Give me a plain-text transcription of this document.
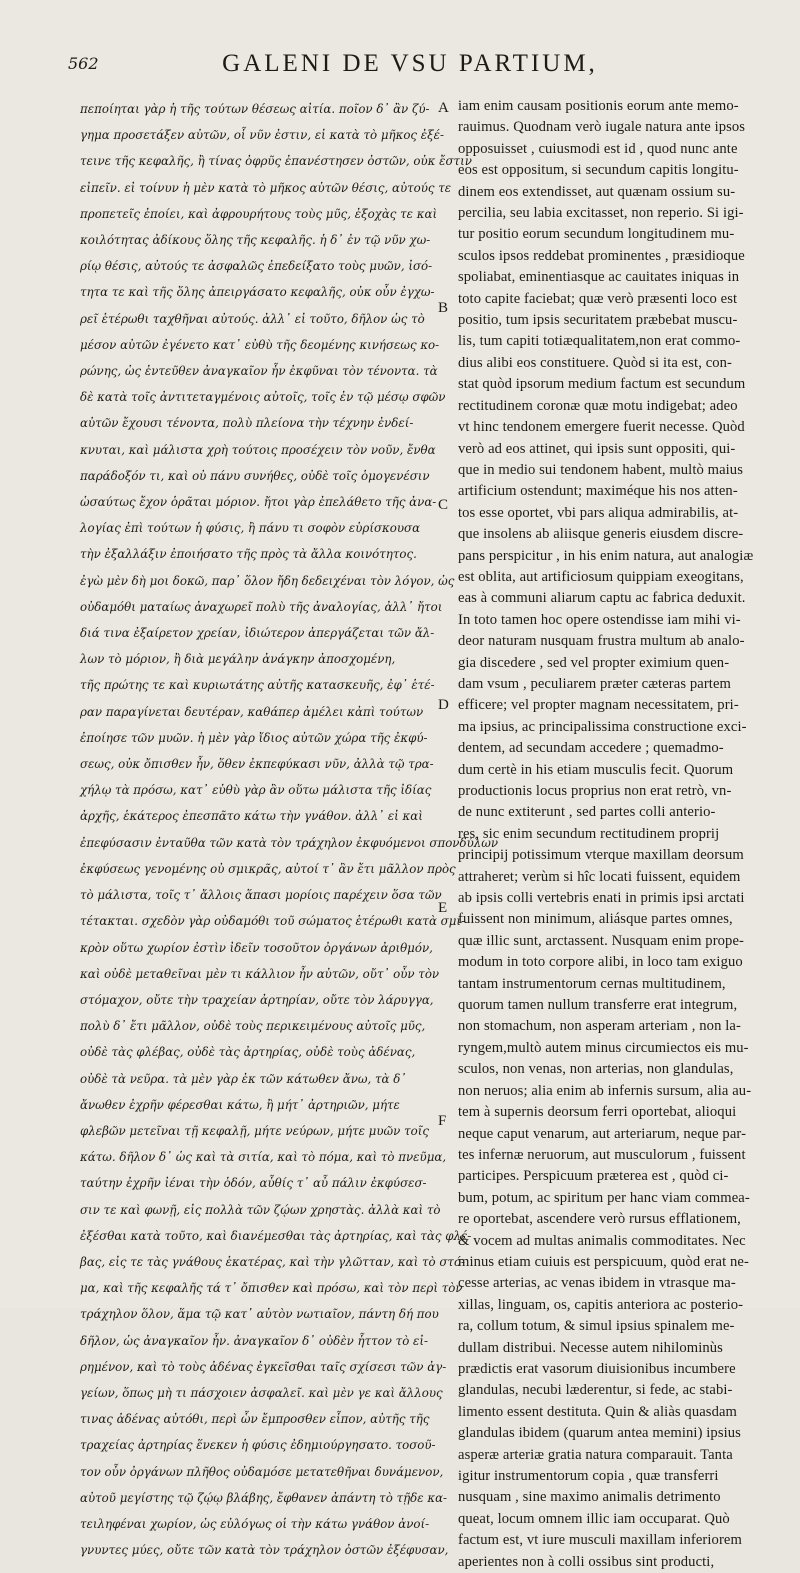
562	GALENI DE VSU PARTIUM,
πεποίηται γὰρ ἡ τῆς τούτων θέσεως αἰτία. ποῖον δ᾽ ἂν ζύ-
γημα προσετάξεν αὐτῶν, οἷ νῦν ἐστιν, εἰ κατὰ τὸ μῆκος ἐξέ-
τεινε τῆς κεφαλῆς, ἢ τίνας ὀφρῦς ἐπανέστησεν ὀστῶν, οὐκ ἔστιν
εἰπεῖν. εἰ τοίνυν ἡ μὲν κατὰ τὸ μῆκος αὐτῶν θέσις, αὐτούς τε
προπετεῖς ἐποίει, καὶ ἀφρουρήτους τοὺς μῦς, ἐξοχὰς τε καὶ
κοιλότητας ἀδίκους ὅλης τῆς κεφαλῆς. ἡ δ᾽ ἐν τῷ νῦν χω-
ρίῳ θέσις, αὐτούς τε ἀσφαλῶς ἐπεδείξατο τοὺς μυῶν, ἰσό-
τητα τε καὶ τῆς ὅλης ἀπειργάσατο κεφαλῆς, οὐκ οὖν ἐγχω-
ρεῖ ἑτέρωθι ταχθῆναι αὐτούς. ἀλλ᾽ εἰ τοῦτο, δῆλον ὡς τὸ
μέσον αὐτῶν ἐγένετο κατ᾽ εὐθὺ τῆς δεομένης κινήσεως κο-
ρώνης, ὡς ἐντεῦθεν ἀναγκαῖον ἦν ἐκφῦναι τὸν τένοντα. τὰ
δὲ κατὰ τοῖς ἀντιτεταγμένοις αὐτοῖς, τοῖς ἐν τῷ μέσῳ σφῶν
αὐτῶν ἔχουσι τένοντα, πολὺ πλείονα τὴν τέχνην ἐνδεί-
κνυται, καὶ μάλιστα χρὴ τούτοις προσέχειν τὸν νοῦν, ἔνθα
παράδοξόν τι, καὶ οὐ πάνυ συνήθες, οὐδὲ τοῖς ὁμογενέσιν
ὡσαύτως ἔχον ὁρᾶται μόριον. ἤτοι γὰρ ἐπελάθετο τῆς ἀνα-
λογίας ἐπὶ τούτων ἡ φύσις, ἢ πάνυ τι σοφὸν εὑρίσκουσα
τὴν ἐξαλλάξιν ἐποιήσατο τῆς πρὸς τὰ ἄλλα κοινότητος.
ἐγὼ μὲν δὴ μοι δοκῶ, παρ᾽ ὅλον ἤδη δεδειχέναι τὸν λόγον, ὡς
οὐδαμόθι ματαίως ἀναχωρεῖ πολὺ τῆς ἀναλογίας, ἀλλ᾽ ἤτοι
διά τινα ἐξαίρετον χρείαν, ἰδιώτερον ἀπεργάζεται τῶν ἄλ-
λων τὸ μόριον, ἢ διὰ μεγάλην ἀνάγκην ἀποσχομένη,
τῆς πρώτης τε καὶ κυριωτάτης αὐτῆς κατασκευῆς, ἐφ᾽ ἑτέ-
ραν παραγίνεται δευτέραν, καθάπερ ἀμέλει κἀπὶ τούτων
ἐποίησε τῶν μυῶν. ἡ μὲν γὰρ ἴδιος αὐτῶν χώρα τῆς ἐκφύ-
σεως, οὐκ ὄπισθεν ἦν, ὅθεν ἐκπεφύκασι νῦν, ἀλλὰ τῷ τρα-
χήλῳ τὰ πρόσω, κατ᾽ εὐθὺ γὰρ ἂν οὕτω μάλιστα τῆς ἰδίας
ἀρχῆς, ἑκάτερος ἐπεσπᾶτο κάτω τὴν γνάθον. ἀλλ᾽ εἰ καὶ
ἐπεφύσασιν ἐνταῦθα τῶν κατὰ τὸν τράχηλον ἐκφυόμενοι σπονδύλων
ἐκφύσεως γενομένης οὐ σμικρᾶς, αὐτοί τ᾽ ἂν ἔτι μᾶλλον πρὸς
τὸ μάλιστα, τοῖς τ᾽ ἄλλοις ἅπασι μορίοις παρέχειν ὅσα τῶν
τέτακται. σχεδὸν γὰρ οὐδαμόθι τοῦ σώματος ἑτέρωθι κατὰ σμι-
κρὸν οὕτω χωρίον ἐστὶν ἰδεῖν τοσοῦτον ὀργάνων ἀριθμόν,
καὶ οὐδὲ μεταθεῖναι μὲν τι κάλλιον ἦν αὐτῶν, οὔτ᾽ οὖν τὸν
στόμαχον, οὔτε τὴν τραχείαν ἀρτηρίαν, οὔτε τὸν λάρυγγα,
πολὺ δ᾽ ἔτι μᾶλλον, οὐδὲ τοὺς περικειμένους αὐτοῖς μῦς,
οὐδὲ τὰς φλέβας, οὐδὲ τὰς ἀρτηρίας, οὐδὲ τοὺς ἀδένας,
οὐδὲ τὰ νεῦρα. τὰ μὲν γὰρ ἐκ τῶν κάτωθεν ἄνω, τὰ δ᾽
ἄνωθεν ἐχρῆν φέρεσθαι κάτω, ἢ μήτ᾽ ἀρτηριῶν, μήτε
φλεβῶν μετεῖναι τῇ κεφαλῇ, μήτε νεύρων, μήτε μυῶν τοῖς
κάτω. δῆλον δ᾽ ὡς καὶ τὰ σιτία, καὶ τὸ πόμα, καὶ τὸ πνεῦμα,
ταύτην ἐχρῆν ἰέναι τὴν ὁδόν, αὖθίς τ᾽ αὖ πάλιν ἐκφύσεσ-
σιν τε καὶ φωνῇ, εἰς πολλὰ τῶν ζῴων χρηστὰς. ἀλλὰ καὶ τὸ
ἐξέσθαι κατὰ τοῦτο, καὶ διανέμεσθαι τὰς ἀρτηρίας, καὶ τὰς φλέ-
βας, εἰς τε τὰς γνάθους ἑκατέρας, καὶ τὴν γλῶτταν, καὶ τὸ στό-
μα, καὶ τῆς κεφαλῆς τά τ᾽ ὄπισθεν καὶ πρόσω, καὶ τὸν περὶ τὸν
τράχηλον ὅλον, ἅμα τῷ κατ᾽ αὐτὸν νωτιαῖον, πάντη δή που
δῆλον, ὡς ἀναγκαῖον ἦν. ἀναγκαῖον δ᾽ οὐδὲν ἧττον τὸ εἰ-
ρημένον, καὶ τὸ τοὺς ἀδένας ἐγκεῖσθαι ταῖς σχίσεσι τῶν ἀγ-
γείων, ὅπως μὴ τι πάσχοιεν ἀσφαλεῖ. καὶ μὲν γε καὶ ἄλλους
τινας ἀδένας αὐτόθι, περὶ ὧν ἔμπροσθεν εἶπον, αὐτῆς τῆς
τραχείας ἀρτηρίας ἕνεκεν ἡ φύσις ἐδημιούργησατο. τοσοῦ-
τον οὖν ὀργάνων πλῆθος οὐδαμόσε μετατεθῆναι δυνάμενον,
αὐτοῦ μεγίστης τῷ ζῴῳ βλάβης, ἔφθανεν ἀπάντη τὸ τῇδε κα-
τειληφέναι χωρίον, ὡς εὐλόγως οἱ τὴν κάτω γνάθον ἀνοί-
γνυντες μύες, οὔτε τῶν κατὰ τὸν τράχηλον ὀστῶν ἐξέφυσαν,
iam enim causam positionis eorum ante memo-
rauimus. Quodnam verò iugale natura ante ipsos
opposuisset , cuiusmodi est id , quod nunc ante
eos est oppositum, si secundum capitis longitu-
dinem eos extendisset, aut quænam ossium su-
percilia, seu labia excitasset, non reperio. Si igi-
tur positio eorum secundum longitudinem mu-
sculos ipsos reddebat prominentes , præsidioque
spoliabat, eminentiasque ac cauitates iniquas in
toto capite faciebat; quæ verò præsenti loco est
positio, tum ipsis securitatem præbebat muscu-
lis, tum capiti totiæqualitatem,non erat commo-
dius alibi eos constituere. Quòd si ita est, con-
stat quòd ipsorum medium factum est secundum
rectitudinem coronæ quæ motu indigebat; adeo
vt hinc tendonem emergere fuerit necesse. Quòd
verò ad eos attinet, qui ipsis sunt oppositi, qui-
que in medio sui tendonem habent, multò maius
artificium ostendunt; maximéque his nos atten-
tos esse oportet, vbi pars aliqua admirabilis, at-
que insolens ab aliisque generis eiusdem discre-
pans perspicitur , in his enim natura, aut analogiæ
est oblita, aut artificiosum quippiam exeogitans,
eas à communi aliarum captu ac fabrica deduxit.
In toto tamen hoc opere ostendisse iam mihi vi-
deor naturam nusquam frustra multum ab analo-
gia discedere , sed vel propter eximium quen-
dam vsum , peculiarem præter cæteras partem
efficere; vel propter magnam necessitatem, pri-
ma ipsius, ac principalissima constructione exci-
dentem, ad secundam accedere ; quemadmo-
dum certè in his etiam musculis fecit. Quorum
productionis locus proprius non erat retrò, vn-
de nunc extiterunt , sed partes colli anterio-
res, sic enim secundum rectitudinem proprij
principij potissimum vterque maxillam deorsum
attraheret; verùm si hîc locati fuissent, equidem
ab ipsis colli vertebris enati in primis ipsi arctati
fuissent non minimum, aliásque partes omnes,
quæ illic sunt, arctassent. Nusquam enim prope-
modum in toto corpore alibi, in loco tam exiguo
tantam instrumentorum cernas multitudinem,
quorum tamen nullum transferre erat integrum,
non stomachum, non asperam arteriam , non la-
ryngem,multò autem minus circumiectos eis mu-
sculos, non venas, non arterias, non glandulas,
non neruos; alia enim ab infernis sursum, alia au-
tem à supernis deorsum ferri oportebat, alioqui
neque caput venarum, aut arteriarum, neque par-
tes infernæ neruorum, aut musculorum , fuissent
participes. Perspicuum præterea est , quòd ci-
bum, potum, ac spiritum per hanc viam commea-
re oportebat, ascendere verò rursus efflationem,
& vocem ad multas animalis commoditates. Nec
minus etiam cuiuis est perspicuum, quòd erat ne-
cesse arterias, ac venas ibidem in vtrasque ma-
xillas, linguam, os, capitis anteriora ac posterio-
ra, collum totum, & simul ipsius spinalem me-
dullam distribui. Necesse autem nihilominùs
prædictis erat vasorum diuisionibus incumbere
glandulas, necubi læderentur, si fede, ac stabi-
limento essent destituta. Quin & aliàs quasdam
glandulas ibidem (quarum antea memini) ipsius
asperæ arteriæ gratia natura comparauit. Tanta
igitur instrumentorum copia , quæ transferri
nusquam , sine maximo animalis detrimento
queat, locum omnem illic iam occuparat. Quò
factum est, vt iure musculi maxillam inferiorem
aperientes non à colli ossibus sint producti,
A
B
C
D
E
F
